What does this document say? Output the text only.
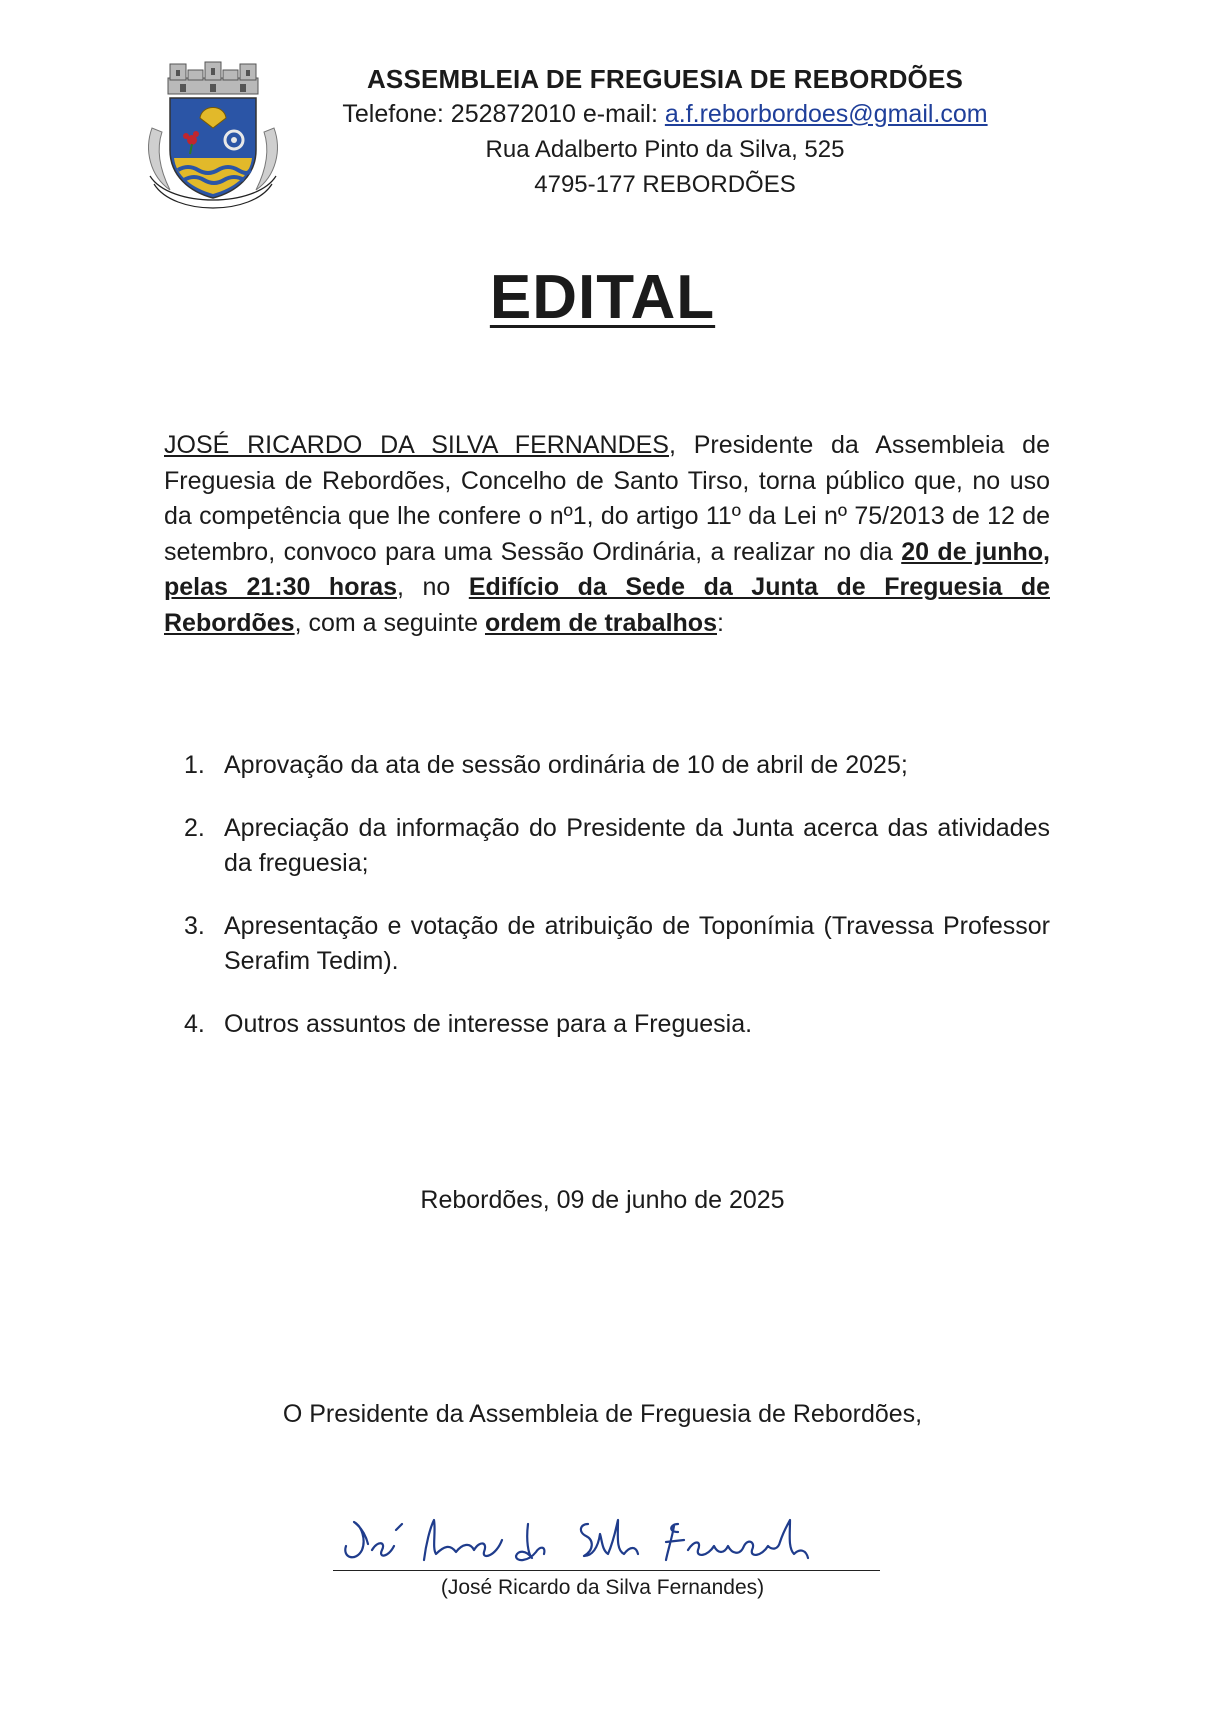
ASSEMBLEIA DE FREGUESIA DE REBORDÕES
Telefone: 252872010 e-mail: a.f.reborbordoes@gmail.com
Rua Adalberto Pinto da Silva, 525
4795-177 REBORDÕES
EDITAL
JOSÉ RICARDO DA SILVA FERNANDES, Presidente da Assembleia de Freguesia de Rebordões, Concelho de Santo Tirso, torna público que, no uso da competência que lhe confere o nº1, do artigo 11º da Lei nº 75/2013 de 12 de setembro, convoco para uma Sessão Ordinária, a realizar no dia 20 de junho, pelas 21:30 horas, no Edifício da Sede da Junta de Freguesia de Rebordões, com a seguinte ordem de trabalhos:
1. Aprovação da ata de sessão ordinária de 10 de abril de 2025;
2. Apreciação da informação do Presidente da Junta acerca das atividades da freguesia;
3. Apresentação e votação de atribuição de Toponímia (Travessa Professor Serafim Tedim).
4. Outros assuntos de interesse para a Freguesia.
Rebordões, 09 de junho de 2025
O Presidente da Assembleia de Freguesia de Rebordões,
(José Ricardo da Silva Fernandes)
